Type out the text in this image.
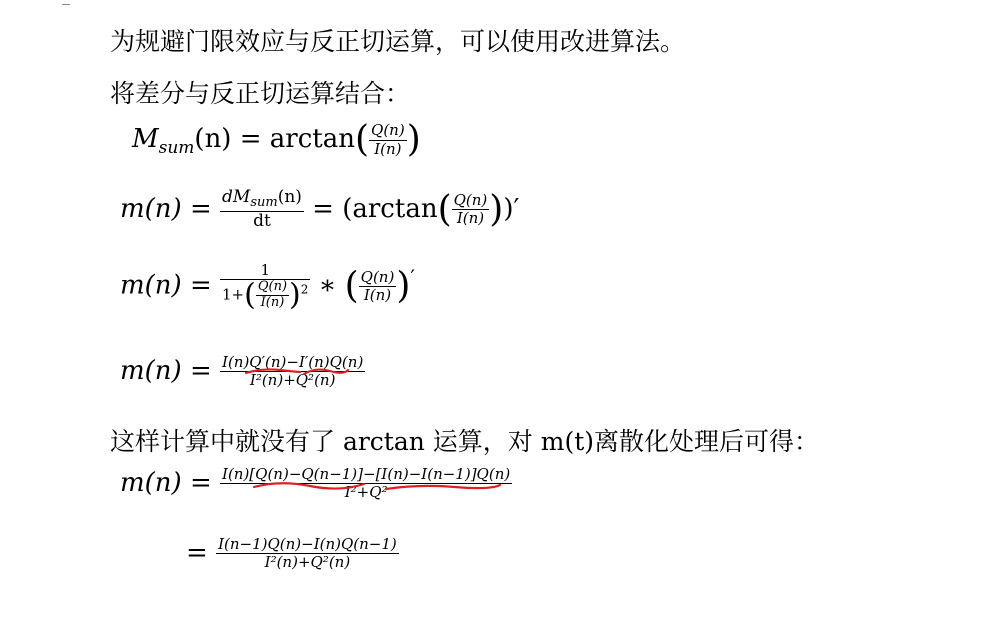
为规避门限效应与反正切运算，可以使用改进算法。
将差分与反正切运算结合：
$M_{sum}(n) = \arctan( \frac{Q(n)}{I(n)}$ )
$m(n) = \frac{dM_{sum}(n)}{dt} = (\arctan( \frac{Q(n)}{I(n)}$ ))′
$m(n) = \frac{1}{1+( \frac{Q(n)}{I(n)} )^2}$ ∗ ( $\frac{Q(n)}{I(n)} )'$
$m(n) = \frac{I(n)Q'(n)-I'(n)Q(n)}{\text{I²(n)+Q²(n)}}$
这样计算中就没有了 arctan 运算，对 m(t)离散化处理后可得：
$m(n) = \frac{I(n)[Q(n)-Q(n-1)]-[I(n)-I(n-1)]Q(n)}{\text{I²+Q²}}$
= $\frac{I(n-1)Q(n)-I(n)Q(n-1)}{\text{I²(n)+Q²(n)}}$
